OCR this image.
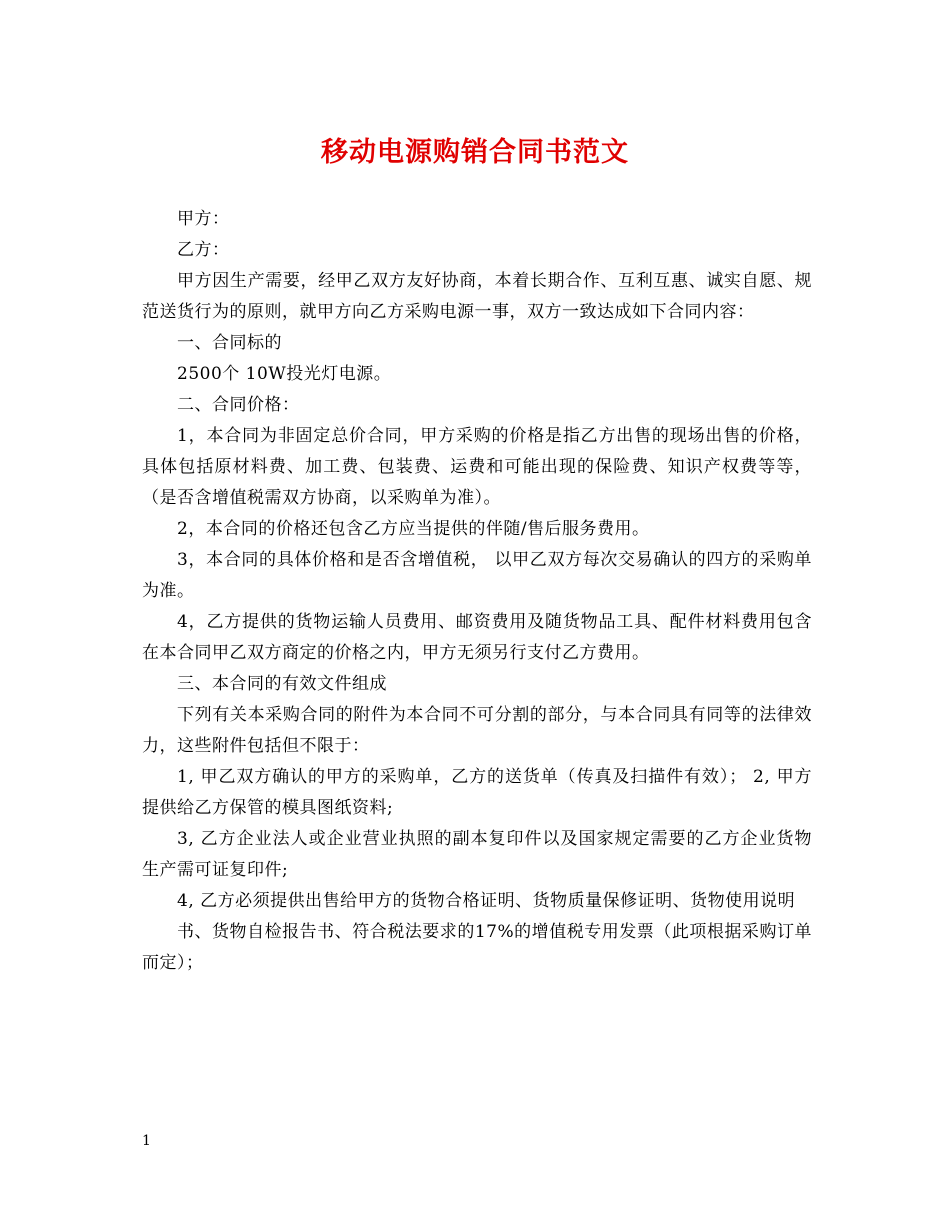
移动电源购销合同书范文

甲方：

乙方：

甲方因生产需要，经甲乙双方友好协商，本着长期合作、互利互惠、诚实自愿、规范送货行为的原则，就甲方向乙方采购电源一事，双方一致达成如下合同内容：

一、合同标的

2500个 10W投光灯电源。

二、合同价格：

1，本合同为非固定总价合同，甲方采购的价格是指乙方出售的现场出售的价格，具体包括原材料费、加工费、包装费、运费和可能出现的保险费、知识产权费等等，（是否含增值税需双方协商，以采购单为准）。

2，本合同的价格还包含乙方应当提供的伴随/售后服务费用。

3，本合同的具体价格和是否含增值税， 以甲乙双方每次交易确认的四方的采购单为准。

4，乙方提供的货物运输人员费用、邮资费用及随货物品工具、配件材料费用包含在本合同甲乙双方商定的价格之内，甲方无须另行支付乙方费用。

三、本合同的有效文件组成

下列有关本采购合同的附件为本合同不可分割的部分，与本合同具有同等的法律效力，这些附件包括但不限于：

1, 甲乙双方确认的甲方的采购单，乙方的送货单（传真及扫描件有效）； 2, 甲方提供给乙方保管的模具图纸资料;

3, 乙方企业法人或企业营业执照的副本复印件以及国家规定需要的乙方企业货物生产需可证复印件;

4, 乙方必须提供出售给甲方的货物合格证明、货物质量保修证明、货物使用说明

书、货物自检报告书、符合税法要求的17%的增值税专用发票（此项根据采购订单而定）；

1
